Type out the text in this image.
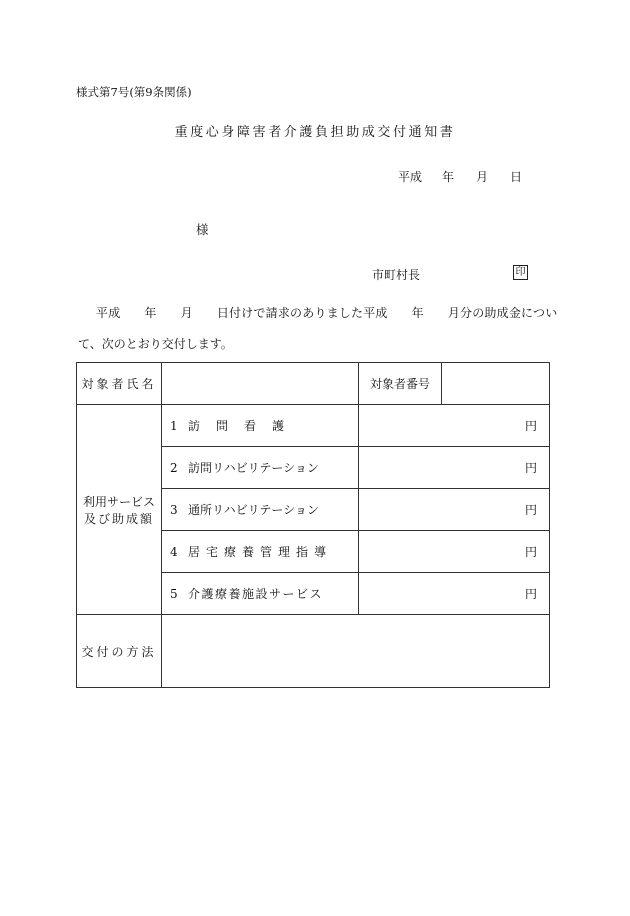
様式第7号(第9条関係)
重度心身障害者介護負担助成交付通知書
平成 年 月 日
様
市町村長	印
平成 年 月 日付けで請求のありました平成 年 月分の助成金につい
て、次のとおり交付します。
対象者氏名		対象者番号	

利用サービス
及び助成額	1 訪　問　看　護	円	
	2 訪問リハビリテーション	円	
	3 通所リハビリテーション	円	
	4 居宅療養管理指導	円	
	5 介護療養施設サービス	円	
交付の方法			
